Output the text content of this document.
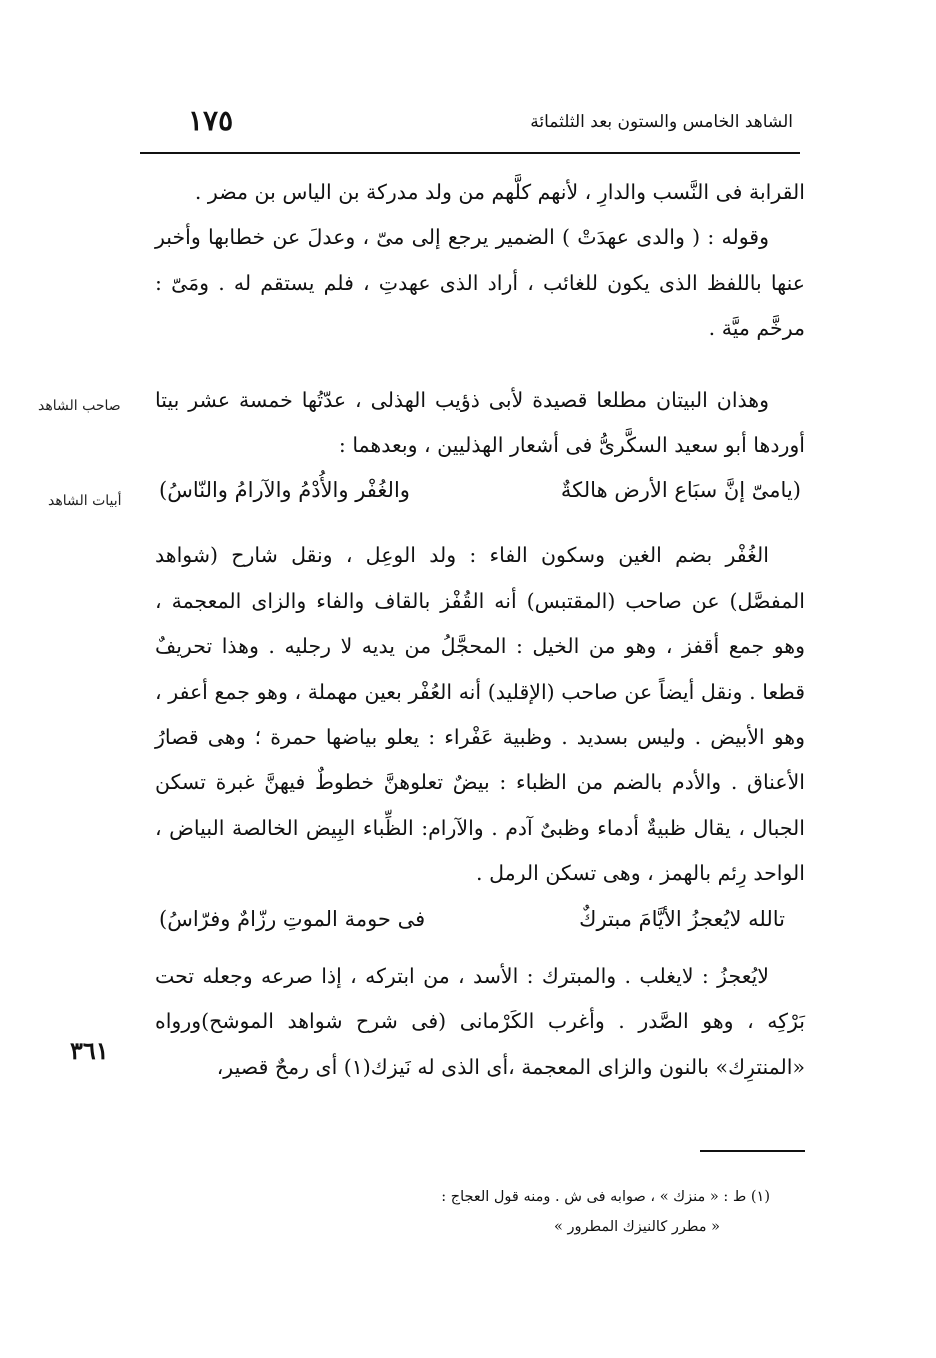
الشاهد الخامس والستون بعد الثلثمائة
١٧٥

القرابة فى النَّسب والدارِ ، لأنهم كلَّهم من ولد مدركة بن الياس بن مضر .

وقوله : ( والدى عهدَتْ ) الضمير يرجع إلى مىّ ، وعدلَ عن خطابها وأخبر عنها باللفظ الذى يكون للغائب ، أراد الذى عهدتِ ، فلم يستقم له . ومَىّ : مرخَّم ميَّة .

وهذان البيتان مطلعا قصيدة لأبى ذؤيب الهذلى ، عدّتُها خمسة عشر بيتا أوردها أبو سعيد السكَّرىُّ فى أشعار الهذليين ، وبعدهما :

(يامىّ إنَّ سبَاع الأرض هالكةٌ
والغُفْر والأُدْمُ والآرامُ والنّاسُ)

الغُفْر بضم الغين وسكون الفاء : ولد الوعِل ، ونقل شارح (شواهد المفصَّل) عن صاحب (المقتبس) أنه القُفْز بالقاف والفاء والزاى المعجمة ، وهو جمع أقفز ، وهو من الخيل : المحجَّلُ من يديه لا رجليه . وهذا تحريفٌ قطعا . ونقل أيضاً عن صاحب (الإقليد) أنه العُفْر بعين مهملة ، وهو جمع أعفر ، وهو الأبيض . وليس بسديد . وظبية عَفْراء : يعلو بياضها حمرة ؛ وهى قصارُ الأعناق . والأدم بالضم من الظباء : بيضٌ تعلوهنَّ خطوطٌ فيهنَّ غبرة تسكن الجبال ، يقال ظبيةٌ أدماء وظبىٌ آدم . والآرام: الظِّباء البِيض الخالصة البياض ، الواحد رِئم بالهمز ، وهى تسكن الرمل .

تالله لايُعجزُ الأيَّامَ مبتركٌ
فى حومة الموتِ رزّامٌ وفرّاسُ)

لايُعجزُ : لايغلب . والمبترك : الأسد ، من ابتركه ، إذا صرعه وجعله تحت بَرْكِه ، وهو الصَّدر . وأغرب الكَرْمانى (فى شرح شواهد الموشح)ورواه «المنترِك» بالنون والزاى المعجمة ،أى الذى له نَيزك(١) أى رمحٌ قصير،

صاحب الشاهد
أبيات الشاهد
٣٦١

(١) ط : « منزك » ، صوابه فى ش . ومنه قول العجاج :

« مطرر كالنيزك المطرور »
